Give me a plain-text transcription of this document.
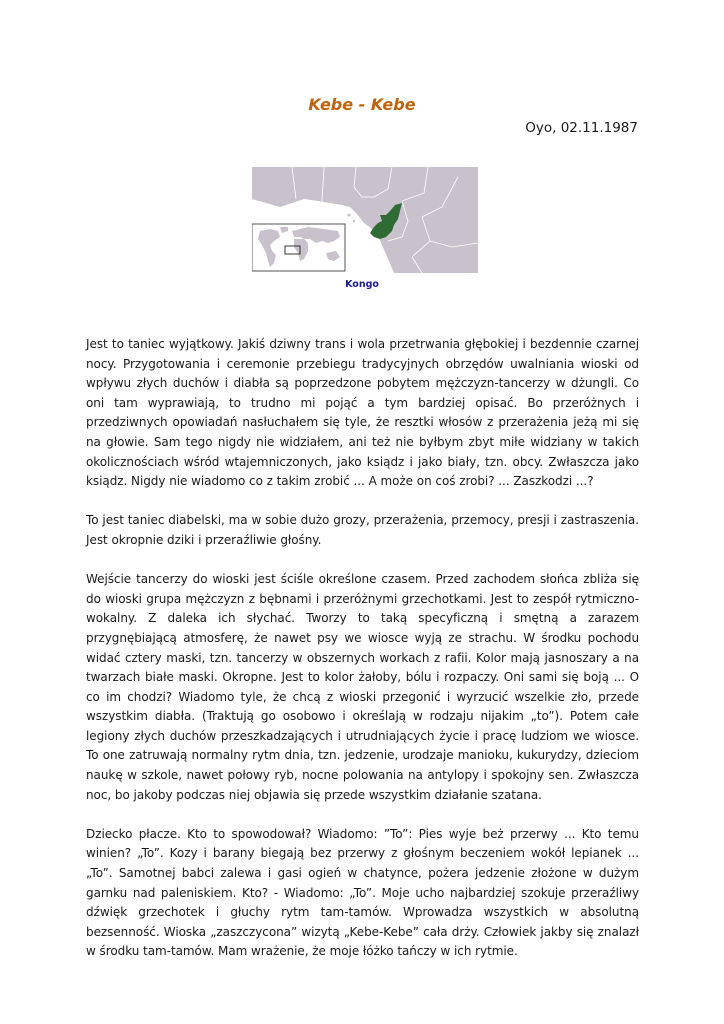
Kebe - Kebe

Oyo, 02.11.1987

Kongo

Jest to taniec wyjątkowy. Jakiś dziwny trans i wola przetrwania głębokiej i bezdennie czarnej nocy. Przygotowania i ceremonie przebiegu tradycyjnych obrzędów uwalniania wioski od wpływu złych duchów i diabła są poprzedzone pobytem mężczyzn-tancerzy w dżungli. Co oni tam wyprawiają, to trudno mi pojąć a tym bardziej opisać. Bo przeróżnych i przedziwnych opowiadań nasłuchałem się tyle, że resztki włosów z przerażenia jeżą mi się na głowie. Sam tego nigdy nie widziałem, ani też nie byłbym zbyt miłe widziany w takich okolicznościach wśród wtajemniczonych, jako ksiądz i jako biały, tzn. obcy. Zwłaszcza jako ksiądz. Nigdy nie wiadomo co z takim zrobić ... A może on coś zrobi? ... Zaszkodzi ...?

To jest taniec diabelski, ma w sobie dużo grozy, przerażenia, przemocy, presji i zastraszenia. Jest okropnie dziki i przeraźliwie głośny.

Wejście tancerzy do wioski jest ściśle określone czasem. Przed zachodem słońca zbliża się do wioski grupa mężczyzn z bębnami i przeróżnymi grzechotkami. Jest to zespół rytmiczno-wokalny. Z daleka ich słychać. Tworzy to taką specyficzną i smętną a zarazem przygnębiającą atmosferę, że nawet psy we wiosce wyją ze strachu. W środku pochodu widać cztery maski, tzn. tancerzy w obszernych workach z rafii. Kolor mają jasnoszary a na twarzach białe maski. Okropne. Jest to kolor żałoby, bólu i rozpaczy. Oni sami się boją ... O co im chodzi? Wiadomo tyle, że chcą z wioski przegonić i wyrzucić wszelkie zło, przede wszystkim diabła. (Traktują go osobowo i określają w rodzaju nijakim „to”). Potem całe legiony złych duchów przeszkadzających i utrudniających życie i pracę ludziom we wiosce. To one zatruwają normalny rytm dnia, tzn. jedzenie, urodzaje manioku, kukurydzy, dzieciom naukę w szkole, nawet połowy ryb, nocne polowania na antylopy i spokojny sen. Zwłaszcza noc, bo jakoby podczas niej objawia się przede wszystkim działanie szatana.

Dziecko płacze. Kto to spowodował? Wiadomo: ”To”: Pies wyje beż przerwy ... Kto temu winien? „To”. Kozy i barany biegają bez przerwy z głośnym beczeniem wokół lepianek ... „To”. Samotnej babci zalewa i gasi ogień w chatynce, pożera jedzenie złożone w dużym garnku nad paleniskiem. Kto? - Wiadomo: „To”. Moje ucho najbardziej szokuje przeraźliwy dźwięk grzechotek i głuchy rytm tam-tamów. Wprowadza wszystkich w absolutną bezsenność. Wioska „zaszczycona” wizytą „Kebe-Kebe” cała drży. Człowiek jakby się znalazł w środku tam-tamów. Mam wrażenie, że moje łóżko tańczy w ich rytmie.
